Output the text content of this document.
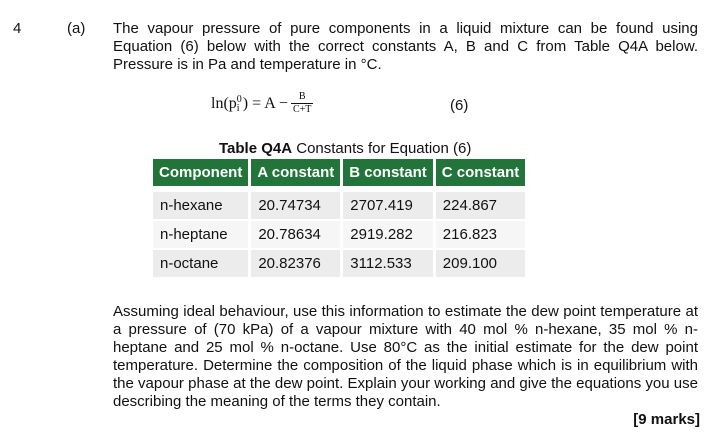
4	(a) The vapour pressure of pure components in a liquid mixture can be found using Equation (6) below with the correct constants A, B and C from Table Q4A below. Pressure is in Pa and temperature in °C.

ln(p 0
i ) = $A - \frac{B}{C+T}$	(6)
Table Q4A Constants for Equation (6)
Component	A constant	B constant	C constant
n-hexane	20.74734	2707.419	224.867
n-heptane	20.78634	2919.282	216.823
n-octane	20.82376	3112.533	209.100

Assuming ideal behaviour, use this information to estimate the dew point temperature at a pressure of (70 kPa) of a vapour mixture with 40 mol % n-hexane, 35 mol % n-heptane and 25 mol % n-octane. Use 80°C as the initial estimate for the dew point temperature. Determine the composition of the liquid phase which is in equilibrium with the vapour phase at the dew point. Explain your working and give the equations you use describing the meaning of the terms they contain.

[9 marks]
